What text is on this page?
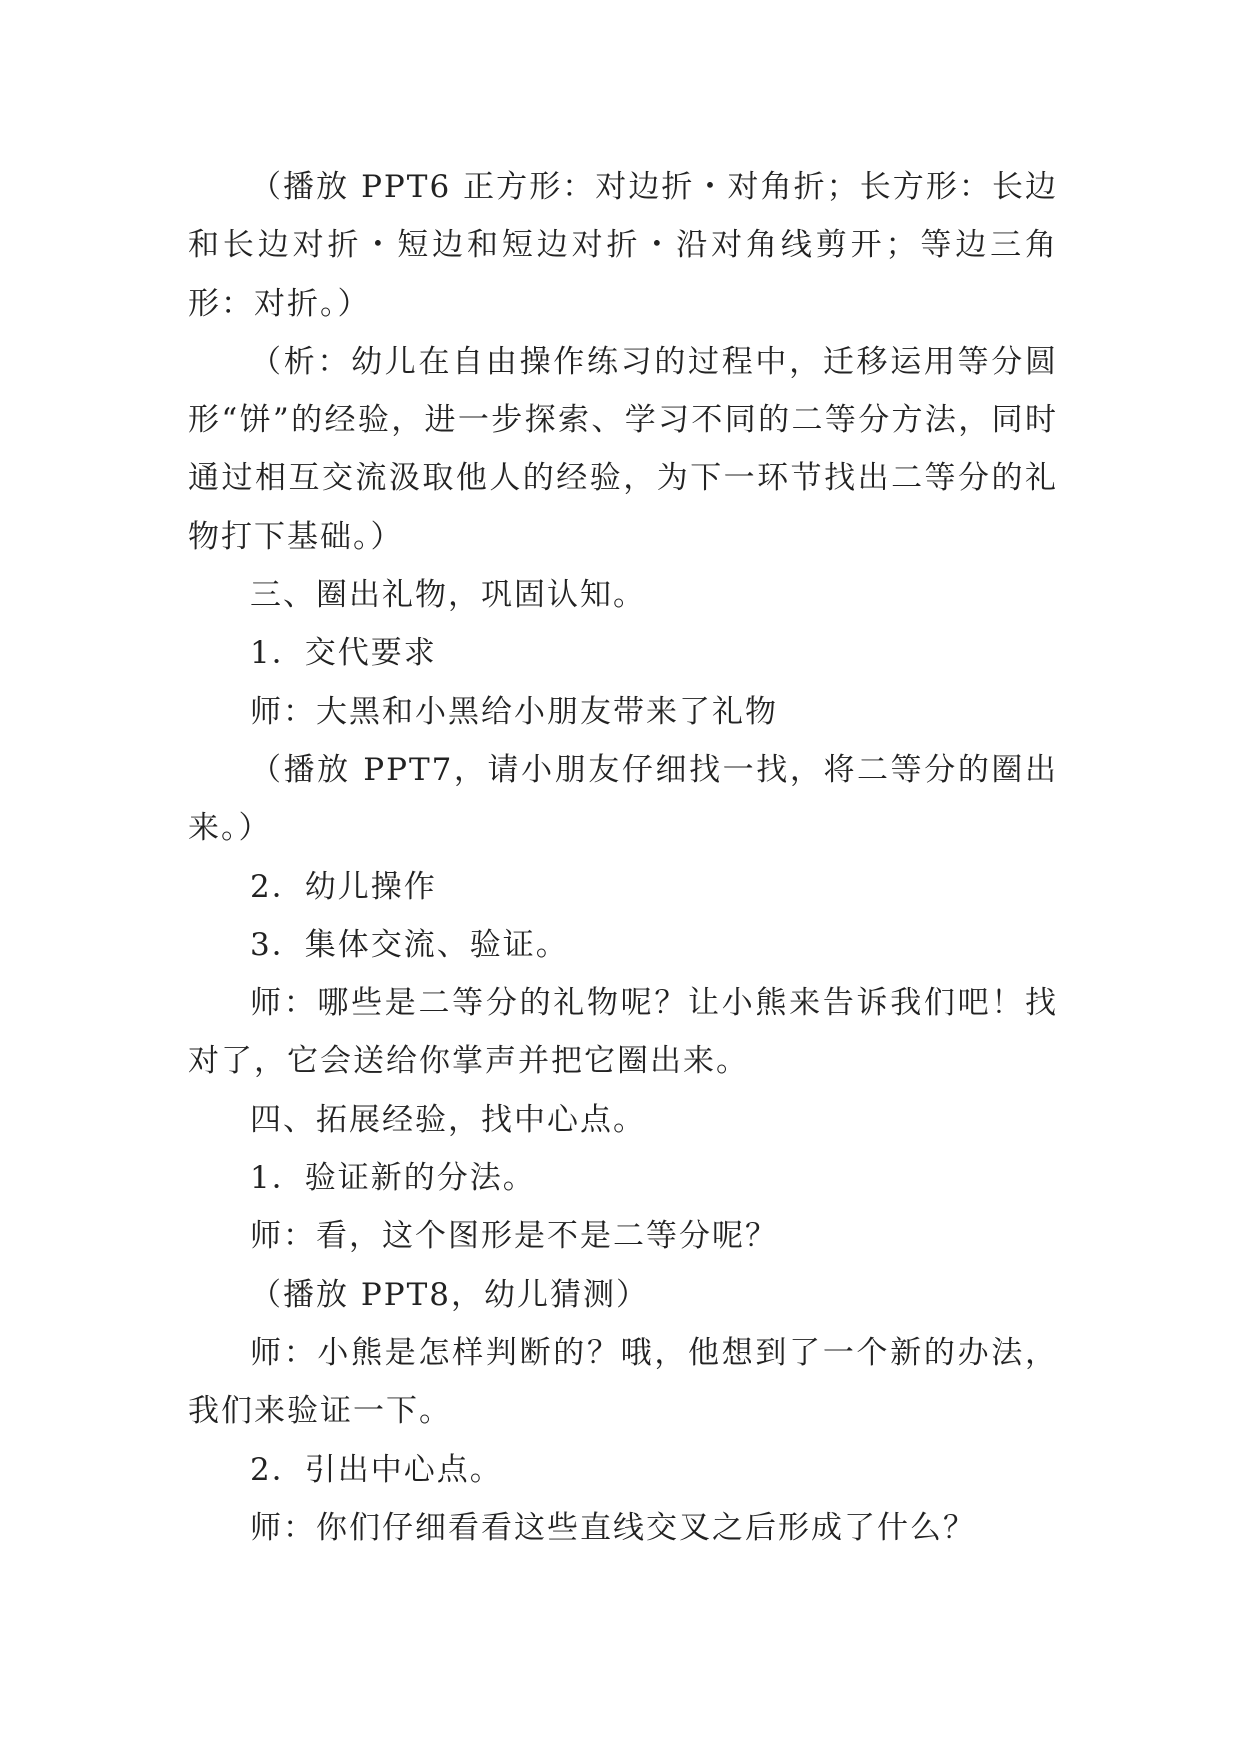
（播放 PPT6 正方形：对边折・对角折；长方形：长边和长边对折・短边和短边对折・沿对角线剪开；等边三角形：对折。）

（析：幼儿在自由操作练习的过程中，迁移运用等分圆形“饼”的经验，进一步探索、学习不同的二等分方法，同时通过相互交流汲取他人的经验，为下一环节找出二等分的礼物打下基础。）

三、圈出礼物，巩固认知。

1．交代要求

师：大黑和小黑给小朋友带来了礼物

（播放 PPT7，请小朋友仔细找一找，将二等分的圈出来。）

2．幼儿操作

3．集体交流、验证。

师：哪些是二等分的礼物呢？让小熊来告诉我们吧！找对了，它会送给你掌声并把它圈出来。

四、拓展经验，找中心点。

1．验证新的分法。

师：看，这个图形是不是二等分呢？

（播放 PPT8，幼儿猜测）

师：小熊是怎样判断的？哦，他想到了一个新的办法，我们来验证一下。

2．引出中心点。

师：你们仔细看看这些直线交叉之后形成了什么？
